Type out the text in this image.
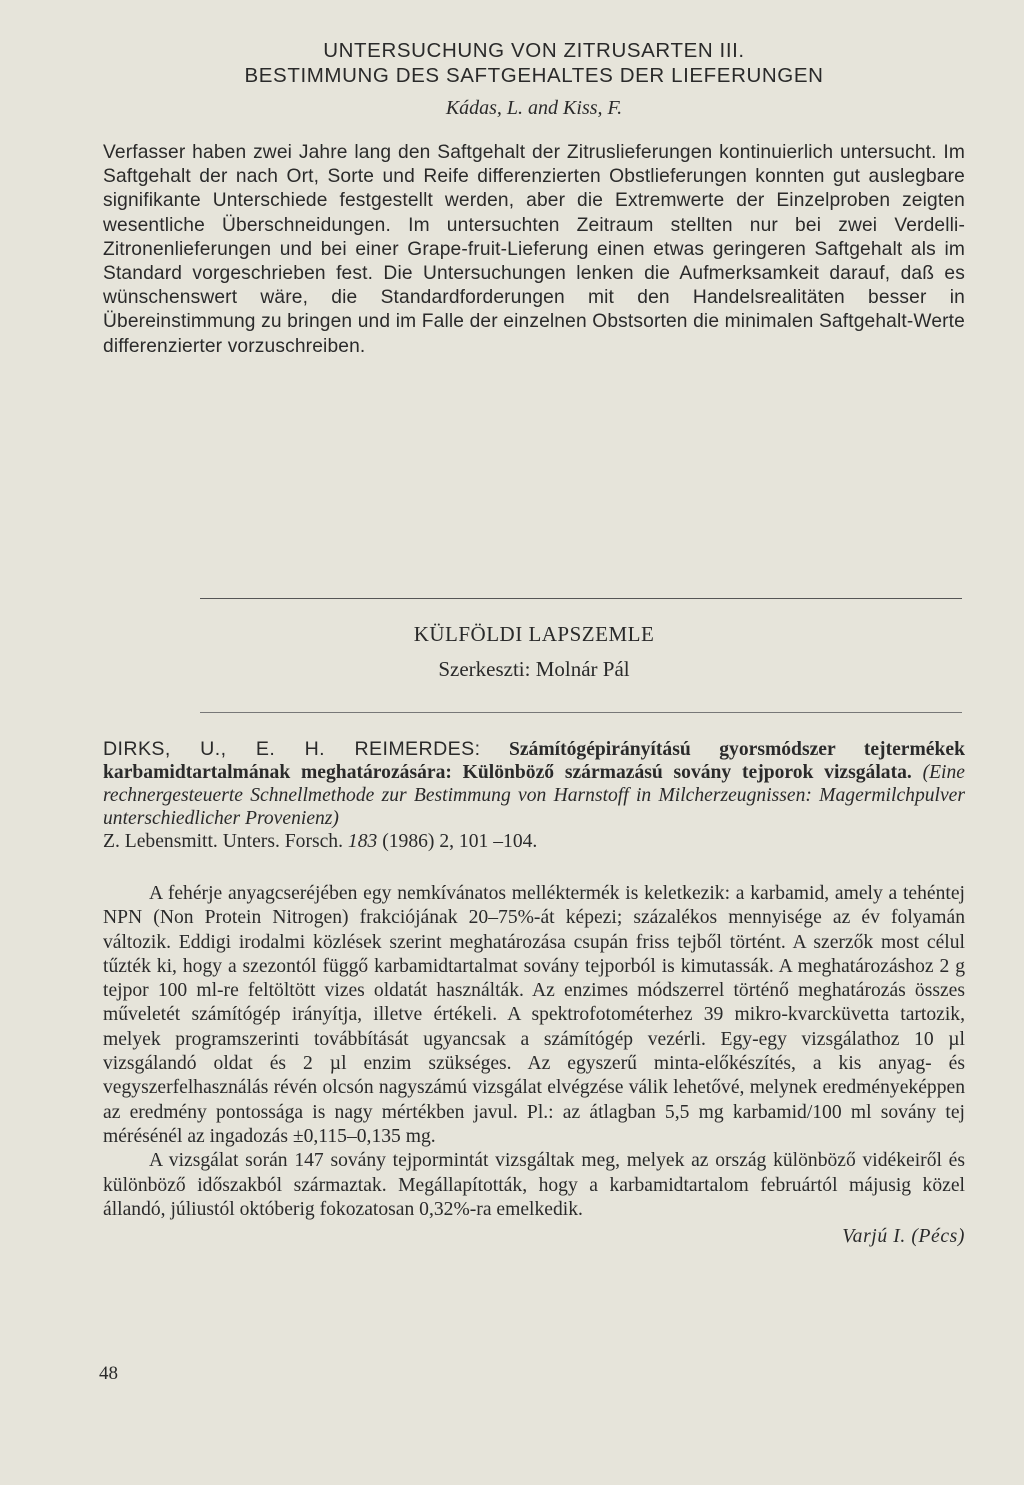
UNTERSUCHUNG VON ZITRUSARTEN III.
BESTIMMUNG DES SAFTGEHALTES DER LIEFERUNGEN
Kádas, L. and Kiss, F.
Verfasser haben zwei Jahre lang den Saftgehalt der Zitruslieferungen kontinuierlich untersucht. Im Saftgehalt der nach Ort, Sorte und Reife differenzierten Obstlieferungen konnten gut auslegbare signifikante Unterschiede festgestellt werden, aber die Extremwerte der Einzelproben zeigten wesentliche Überschneidungen. Im untersuchten Zeitraum stellten nur bei zwei Verdelli-Zitronenlieferungen und bei einer Grape-fruit-Lieferung einen etwas geringeren Saftgehalt als im Standard vorgeschrieben fest. Die Untersuchungen lenken die Aufmerksamkeit darauf, daß es wünschenswert wäre, die Standardforderungen mit den Handelsrealitäten besser in Übereinstimmung zu bringen und im Falle der einzelnen Obstsorten die minimalen Saftgehalt-Werte differenzierter vorzuschreiben.
KÜLFÖLDI LAPSZEMLE
Szerkeszti: Molnár Pál
DIRKS, U., E. H. REIMERDES: Számítógépirányítású gyorsmódszer tejtermékek karbamidtartalmának meghatározására: Különböző származású sovány tejporok vizsgálata. (Eine rechnergesteuerte Schnellmethode zur Bestimmung von Harnstoff in Milcherzeugnissen: Magermilchpulver unterschiedlicher Provenienz)
Z. Lebensmitt. Unters. Forsch. 183 (1986) 2, 101 –104.

A fehérje anyagcseréjében egy nemkívánatos melléktermék is keletkezik: a karbamid, amely a tehéntej NPN (Non Protein Nitrogen) frakciójának 20–75%-át képezi; százalékos mennyisége az év folyamán változik. Eddigi irodalmi közlések szerint meghatározása csupán friss tejből történt. A szerzők most célul tűzték ki, hogy a szezontól függő karbamidtartalmat sovány tejporból is kimutassák. A meghatározáshoz 2 g tejpor 100 ml-re feltöltött vizes oldatát használták. Az enzimes módszerrel történő meghatározás összes műveletét számítógép irányítja, illetve értékeli. A spektrofotométerhez 39 mikro-kvarcküvetta tartozik, melyek programszerinti továbbítását ugyancsak a számítógép vezérli. Egy-egy vizsgálathoz 10 µl vizsgálandó oldat és 2 µl enzim szükséges. Az egyszerű minta-előkészítés, a kis anyag- és vegyszerfelhasználás révén olcsón nagyszámú vizsgálat elvégzése válik lehetővé, melynek eredményeképpen az eredmény pontossága is nagy mértékben javul. Pl.: az átlagban 5,5 mg karbamid/100 ml sovány tej mérésénél az ingadozás ±0,115–0,135 mg.

A vizsgálat során 147 sovány tejpormintát vizsgáltak meg, melyek az ország különböző vidékeiről és különböző időszakból származtak. Megállapították, hogy a karbamidtartalom februártól májusig közel állandó, júliustól októberig fokozatosan 0,32%-ra emelkedik.

Varjú I. (Pécs)
48
